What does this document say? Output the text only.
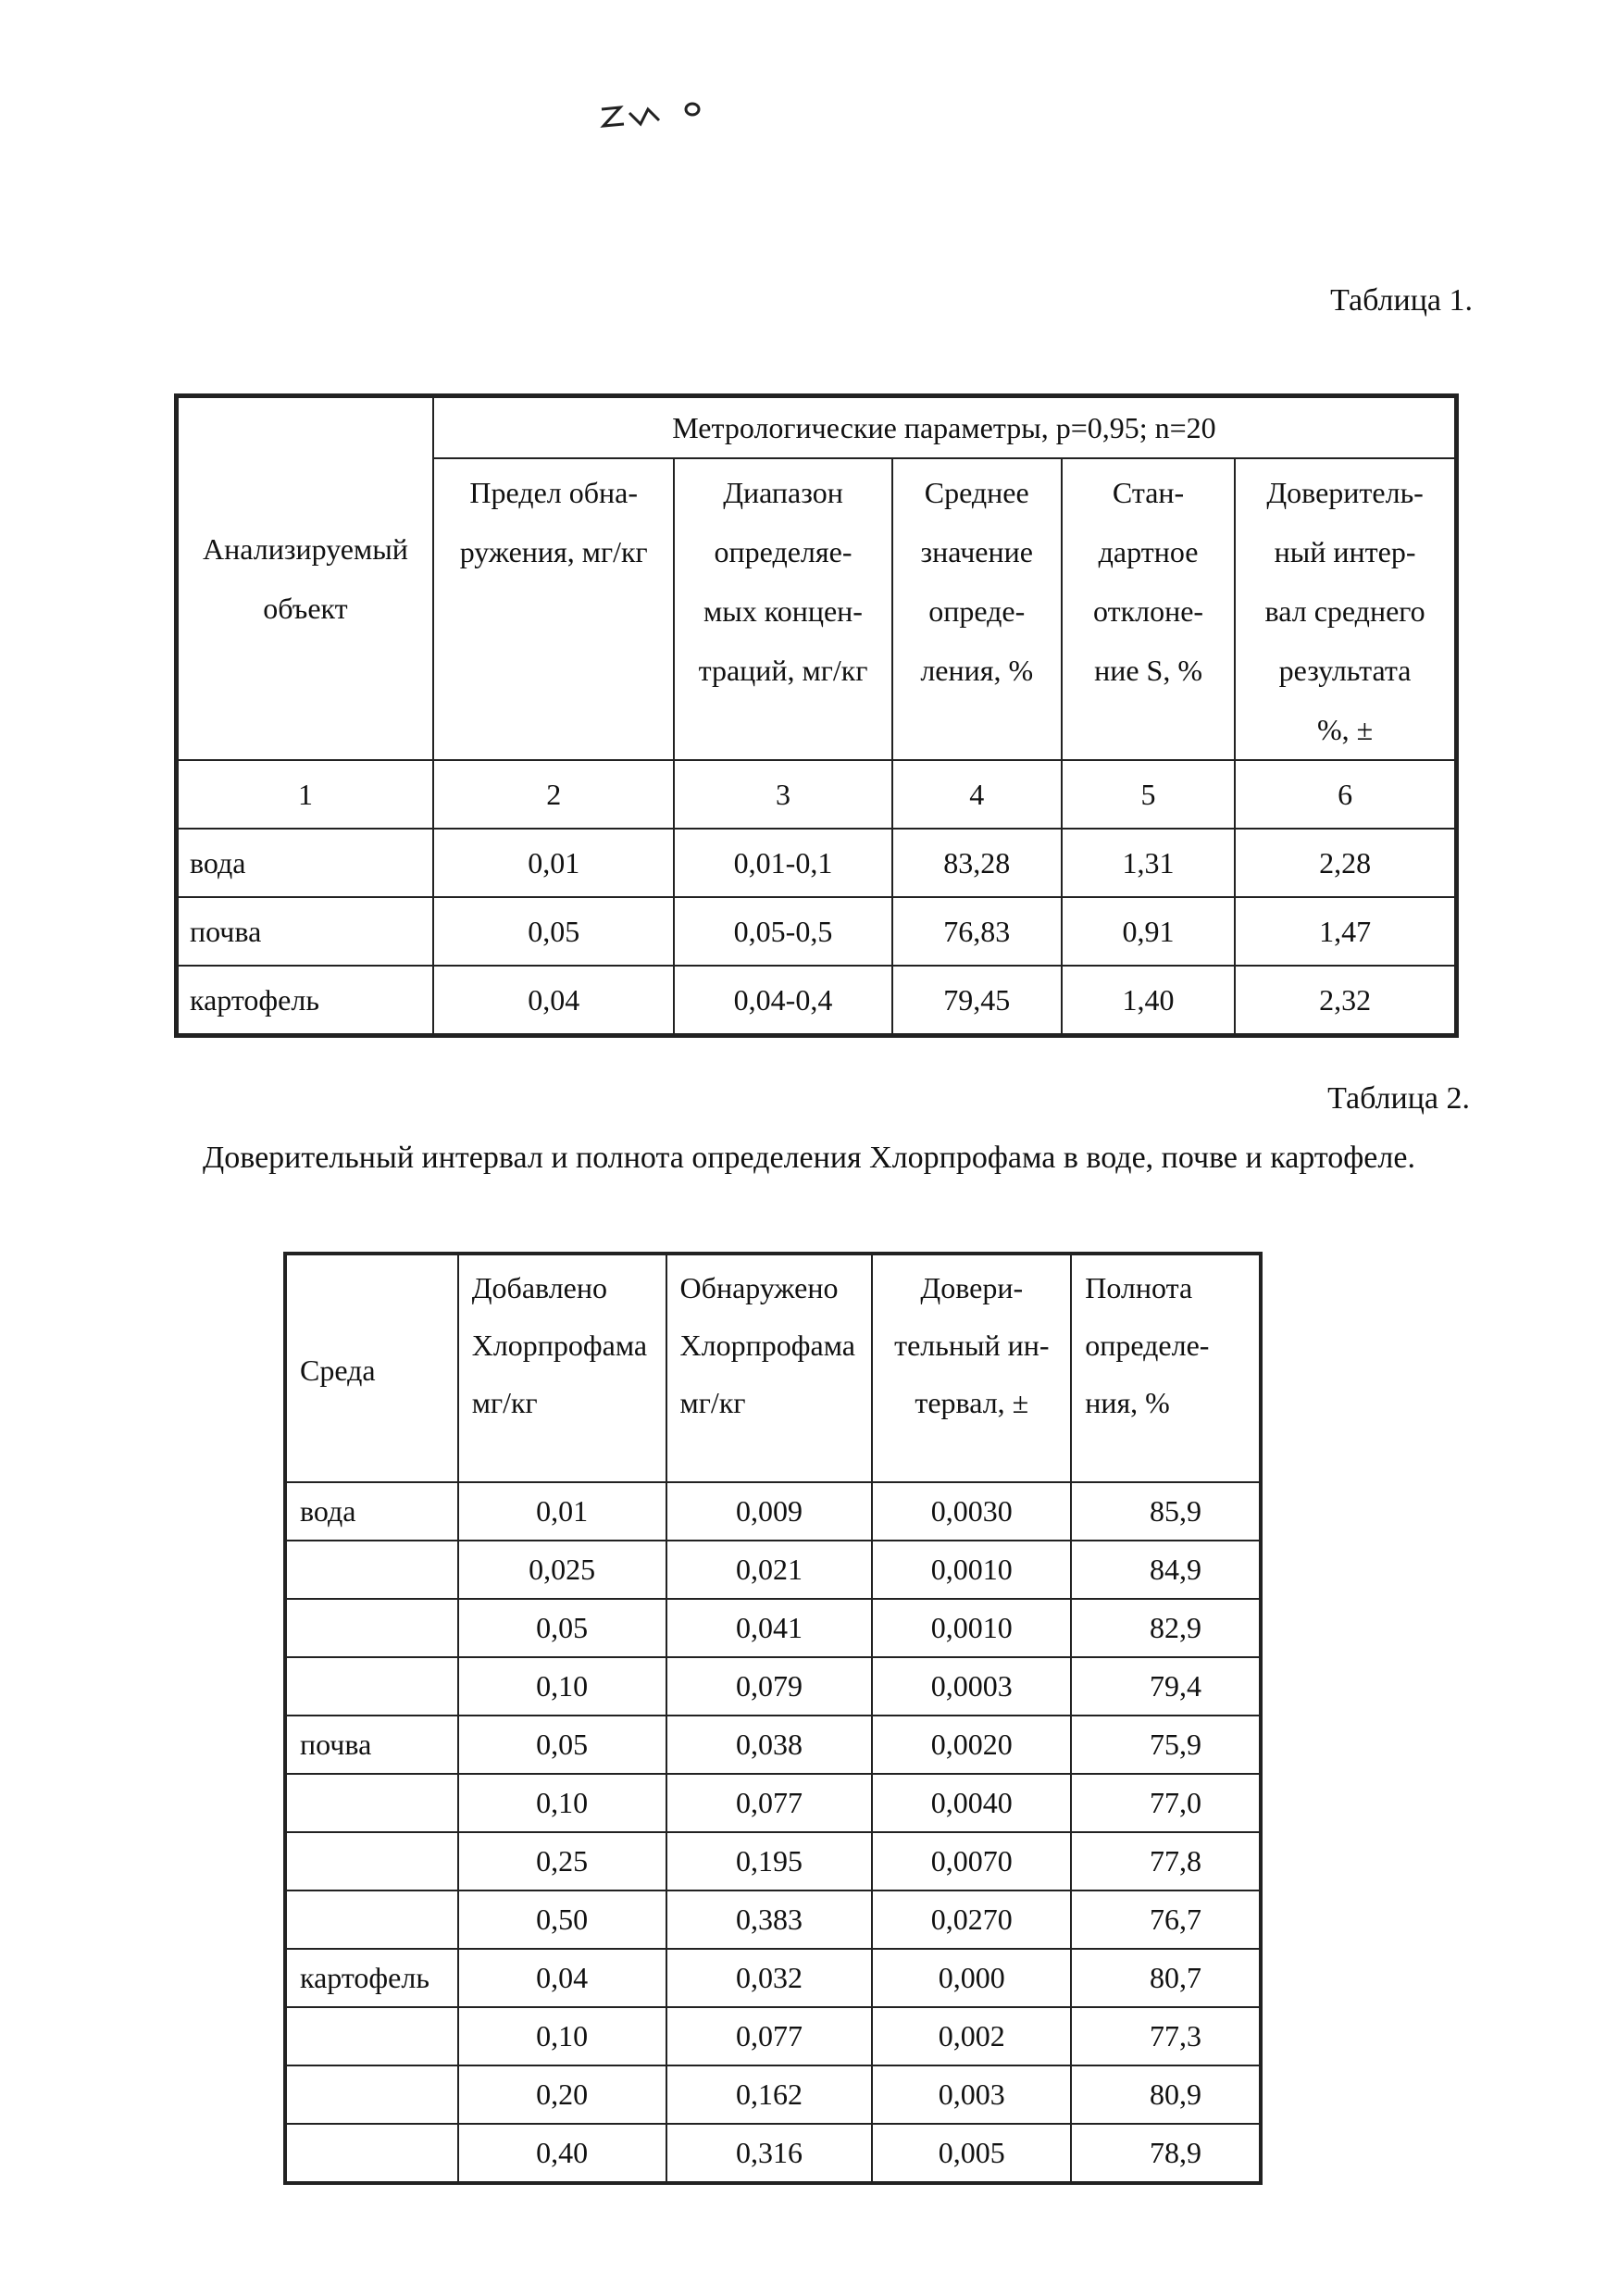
Таблица 1.
Анализируемый
объект	Метрологические параметры, р=0,95; n=20				

	Предел обна-
ружения, мг/кг	Диапазон
определяе-
мых концен-
траций, мг/кг	Среднее
значение
опреде-
ления, %	Стан-
дартное
отклоне-
ние S, %	Доверитель-
ный интер-
вал среднего
результата
%, ±

1	2	3	4	5	6
вода	0,01	0,01-0,1	83,28	1,31	2,28
почва	0,05	0,05-0,5	76,83	0,91	1,47
картофель	0,04	0,04-0,4	79,45	1,40	2,32
Таблица 2.
Доверительный интервал и полнота определения Хлорпрофама в воде, почве и картофеле.
Среда	Добавлено
Хлорпрофама
мг/кг	Обнаружено
Хлорпрофама
мг/кг	Довери-
тельный ин-
тервал, ±	Полнота
определе-
ния, %

вода	0,01	0,009	0,0030	85,9
	0,025	0,021	0,0010	84,9
	0,05	0,041	0,0010	82,9
	0,10	0,079	0,0003	79,4
почва	0,05	0,038	0,0020	75,9
	0,10	0,077	0,0040	77,0
	0,25	0,195	0,0070	77,8
	0,50	0,383	0,0270	76,7
картофель	0,04	0,032	0,000	80,7
	0,10	0,077	0,002	77,3
	0,20	0,162	0,003	80,9
	0,40	0,316	0,005	78,9
